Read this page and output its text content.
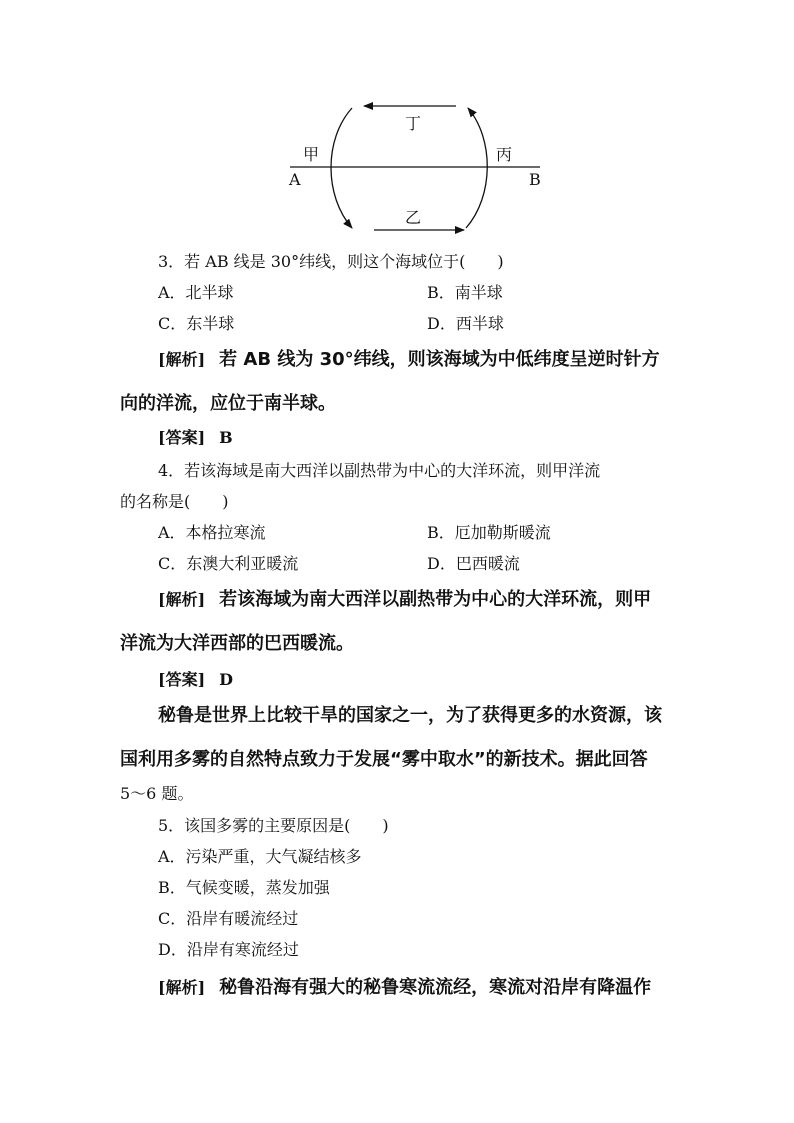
丁
乙
甲	丙
A	B
3．若 AB 线是 30°纬线，则这个海域位于(　　)
A．北半球	B．南半球
C．东半球	D．西半球
[解析] 若 AB 线为 30°纬线，则该海域为中低纬度呈逆时针方
向的洋流，应位于南半球。
[答案] B
4．若该海域是南大西洋以副热带为中心的大洋环流，则甲洋流
的名称是(　　)
A．本格拉寒流	B．厄加勒斯暖流
C．东澳大利亚暖流	D．巴西暖流
[解析] 若该海域为南大西洋以副热带为中心的大洋环流，则甲
洋流为大洋西部的巴西暖流。
[答案] D
秘鲁是世界上比较干旱的国家之一，为了获得更多的水资源，该
国利用多雾的自然特点致力于发展“雾中取水”的新技术。据此回答
5～6 题。
5．该国多雾的主要原因是(　　)
A．污染严重，大气凝结核多
B．气候变暖，蒸发加强
C．沿岸有暖流经过
D．沿岸有寒流经过
[解析] 秘鲁沿海有强大的秘鲁寒流流经，寒流对沿岸有降温作
